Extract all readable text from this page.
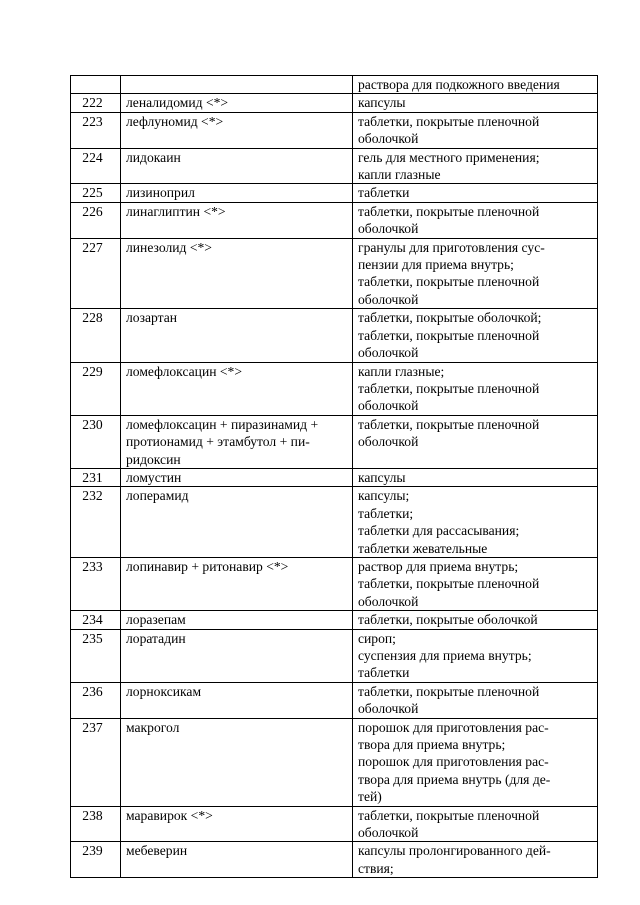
		раствора для подкожного введения
222	леналидомид <*>	капсулы
223	лефлуномид <*>	таблетки, покрытые пленочной
оболочкой
224	лидокаин	гель для местного применения;
капли глазные
225	лизиноприл	таблетки
226	линаглиптин <*>	таблетки, покрытые пленочной
оболочкой
227	линезолид <*>	гранулы для приготовления сус-
пензии для приема внутрь;
таблетки, покрытые пленочной
оболочкой
228	лозартан	таблетки, покрытые оболочкой;
таблетки, покрытые пленочной
оболочкой
229	ломефлоксацин <*>	капли глазные;
таблетки, покрытые пленочной
оболочкой
230	ломефлоксацин + пиразинамид +
протионамид + этамбутол + пи-
ридоксин	таблетки, покрытые пленочной
оболочкой
231	ломустин	капсулы
232	лоперамид	капсулы;
таблетки;
таблетки для рассасывания;
таблетки жевательные
233	лопинавир + ритонавир <*>	раствор для приема внутрь;
таблетки, покрытые пленочной
оболочкой
234	лоразепам	таблетки, покрытые оболочкой
235	лоратадин	сироп;
суспензия для приема внутрь;
таблетки
236	лорноксикам	таблетки, покрытые пленочной
оболочкой
237	макрогол	порошок для приготовления рас-
твора для приема внутрь;
порошок для приготовления рас-
твора для приема внутрь (для де-
тей)
238	маравирок <*>	таблетки, покрытые пленочной
оболочкой
239	мебеверин	капсулы пролонгированного дей-
ствия;
